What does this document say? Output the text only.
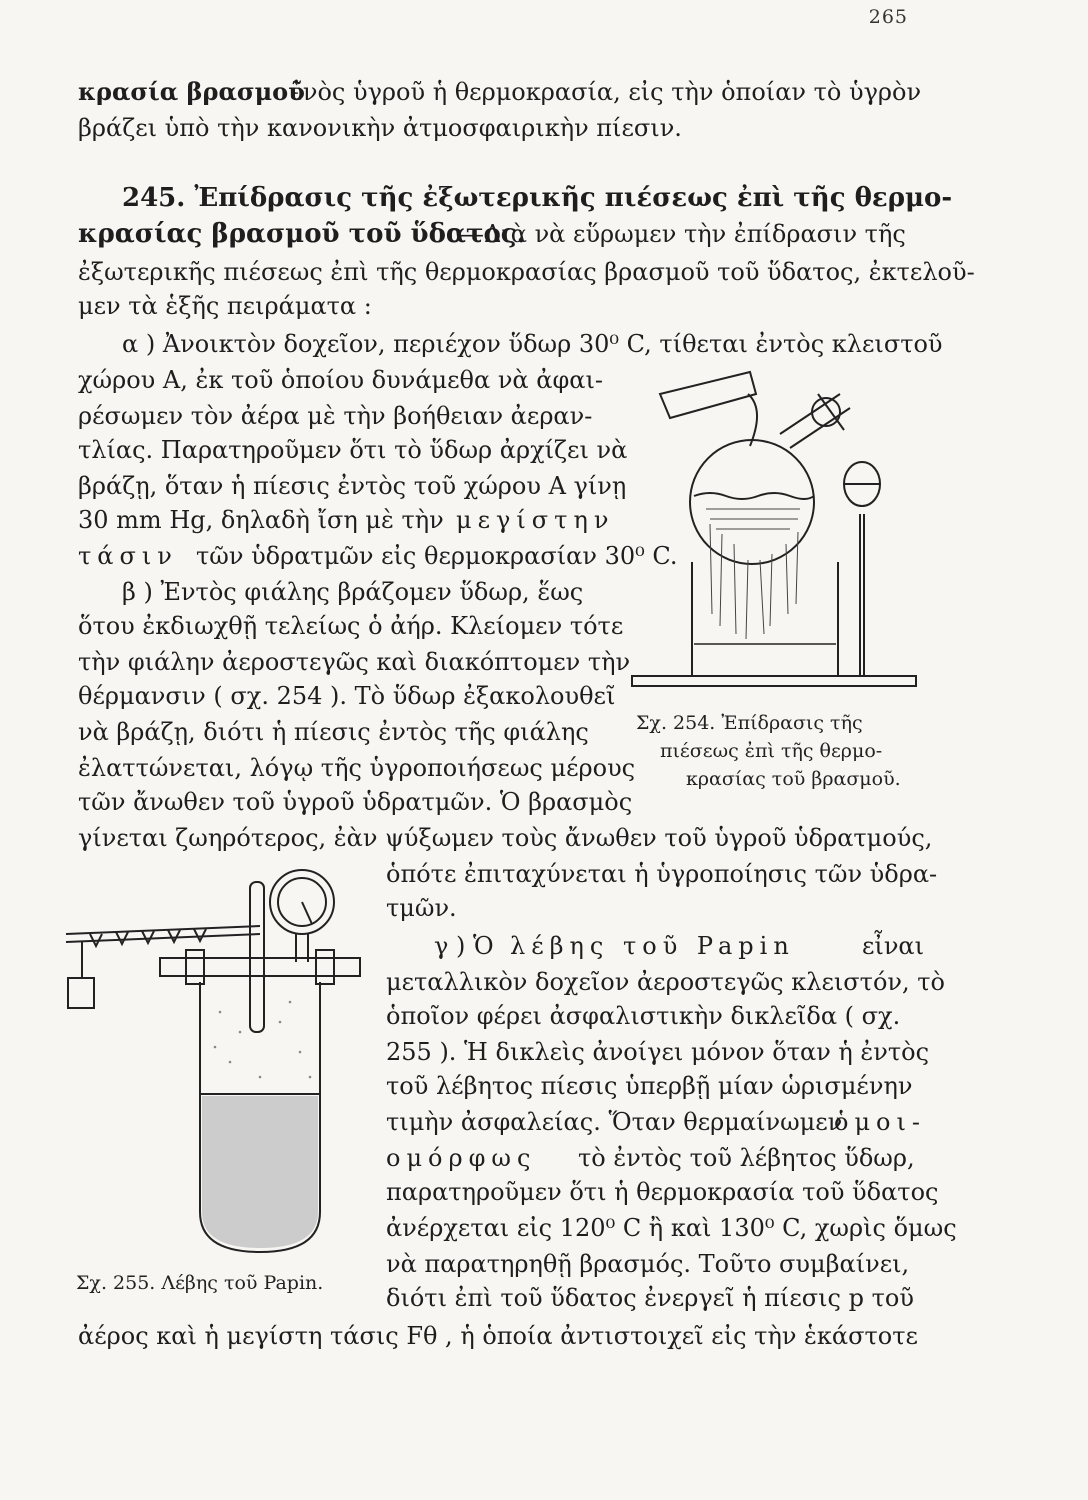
265
κρασία βρασμοῦ
ἑνὸς ὑγροῦ ἡ θερμοκρασία, εἰς τὴν ὁποίαν τὸ ὑγρὸν
βράζει ὑπὸ τὴν κανονικὴν ἀτμοσφαιρικὴν πίεσιν.
245. Ἐπίδρασις τῆς ἐξωτερικῆς πιέσεως ἐπὶ τῆς θερμο-
κρασίας βρασμοῦ τοῦ ὕδατος.
—Διὰ νὰ εὕρωμεν τὴν ἐπίδρασιν τῆς
ἐξωτερικῆς πιέσεως ἐπὶ τῆς θερμοκρασίας βρασμοῦ τοῦ ὕδατος, ἐκτελοῦ-
μεν τὰ ἑξῆς πειράματα :
α ) Ἀνοικτὸν δοχεῖον, περιέχον ὕδωρ 30⁰ C, τίθεται ἐντὸς κλειστοῦ
χώρου Α, ἐκ τοῦ ὁποίου δυνάμεθα νὰ ἀφαι-
ρέσωμεν τὸν ἀέρα μὲ τὴν βοήθειαν ἀεραν-
τλίας. Παρατηροῦμεν ὅτι τὸ ὕδωρ ἀρχίζει νὰ
βράζῃ, ὅταν ἡ πίεσις ἐντὸς τοῦ χώρου Α γίνῃ
30 mm Hg, δηλαδὴ ἴση μὲ τὴν μεγίστην
τάσιν τῶν ὑδρατμῶν εἰς θερμοκρασίαν 30⁰ C.
β ) Ἐντὸς φιάλης βράζομεν ὕδωρ, ἕως
ὅτου ἐκδιωχθῇ τελείως ὁ ἀήρ. Κλείομεν τότε
τὴν φιάλην ἀεροστεγῶς καὶ διακόπτομεν τὴν
θέρμανσιν ( σχ. 254 ). Τὸ ὕδωρ ἐξακολουθεῖ
νὰ βράζῃ, διότι ἡ πίεσις ἐντὸς τῆς φιάλης
ἐλαττώνεται, λόγῳ τῆς ὑγροποιήσεως μέρους
τῶν ἄνωθεν τοῦ ὑγροῦ ὑδρατμῶν. Ὁ βρασμὸς
γίνεται ζωηρότερος, ἐὰν ψύξωμεν τοὺς ἄνωθεν τοῦ ὑγροῦ ὑδρατμούς,
ὁπότε ἐπιταχύνεται ἡ ὑγροποίησις τῶν ὑδρα-
τμῶν.
Σχ. 254. Ἐπίδρασις τῆς
πιέσεως ἐπὶ τῆς θερμο-
κρασίας τοῦ βρασμοῦ.
Σχ. 255. Λέβης τοῦ Papin.
γ ) Ὁ λέβης τοῦ Papin	εἶναι
μεταλλικὸν δοχεῖον ἀεροστεγῶς κλειστόν, τὸ
ὁποῖον φέρει ἀσφαλιστικὴν δικλεῖδα ( σχ.
255 ). Ἡ δικλεὶς ἀνοίγει μόνον ὅταν ἡ ἐντὸς
τοῦ λέβητος πίεσις ὑπερβῇ μίαν ὡρισμένην
τιμὴν ἀσφαλείας. Ὅταν θερμαίνωμεν
ὁμοι-
ομόρφως τὸ ἐντὸς τοῦ λέβητος ὕδωρ,
παρατηροῦμεν ὅτι ἡ θερμοκρασία τοῦ ὕδατος
ἀνέρχεται εἰς 120⁰ C ἢ καὶ 130⁰ C, χωρὶς ὅμως
νὰ παρατηρηθῇ βρασμός. Τοῦτο συμβαίνει,
διότι ἐπὶ τοῦ ὕδατος ἐνεργεῖ ἡ πίεσις p τοῦ
ἀέρος καὶ ἡ μεγίστη τάσις Fθ , ἡ ὁποία ἀντιστοιχεῖ εἰς τὴν ἑκάστοτε
